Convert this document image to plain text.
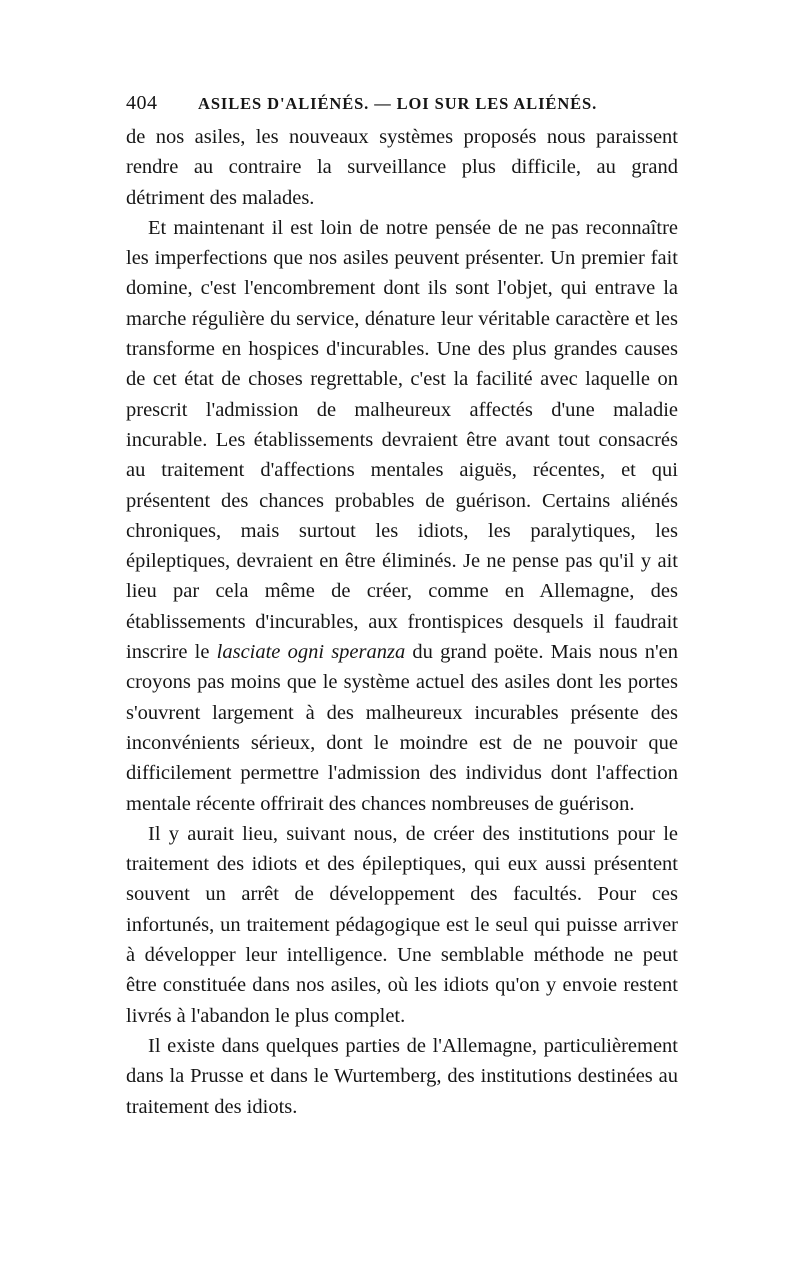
404	ASILES D'ALIÉNÉS. — LOI SUR LES ALIÉNÉS.

de nos asiles, les nouveaux systèmes proposés nous paraissent rendre au contraire la surveillance plus difficile, au grand détriment des malades.

Et maintenant il est loin de notre pensée de ne pas reconnaître les imperfections que nos asiles peuvent présenter. Un premier fait domine, c'est l'encombrement dont ils sont l'objet, qui entrave la marche régulière du service, dénature leur véritable caractère et les transforme en hospices d'incurables. Une des plus grandes causes de cet état de choses regrettable, c'est la facilité avec laquelle on prescrit l'admission de malheureux affectés d'une maladie incurable. Les établissements devraient être avant tout consacrés au traitement d'affections mentales aiguës, récentes, et qui présentent des chances probables de guérison. Certains aliénés chroniques, mais surtout les idiots, les paralytiques, les épileptiques, devraient en être éliminés. Je ne pense pas qu'il y ait lieu par cela même de créer, comme en Allemagne, des établissements d'incurables, aux frontispices desquels il faudrait inscrire le lasciate ogni speranza du grand poëte. Mais nous n'en croyons pas moins que le système actuel des asiles dont les portes s'ouvrent largement à des malheureux incurables présente des inconvénients sérieux, dont le moindre est de ne pouvoir que difficilement permettre l'admission des individus dont l'affection mentale récente offrirait des chances nombreuses de guérison.

Il y aurait lieu, suivant nous, de créer des institutions pour le traitement des idiots et des épileptiques, qui eux aussi présentent souvent un arrêt de développement des facultés. Pour ces infortunés, un traitement pédagogique est le seul qui puisse arriver à développer leur intelligence. Une semblable méthode ne peut être constituée dans nos asiles, où les idiots qu'on y envoie restent livrés à l'abandon le plus complet.

Il existe dans quelques parties de l'Allemagne, particulièrement dans la Prusse et dans le Wurtemberg, des institutions destinées au traitement des idiots.
